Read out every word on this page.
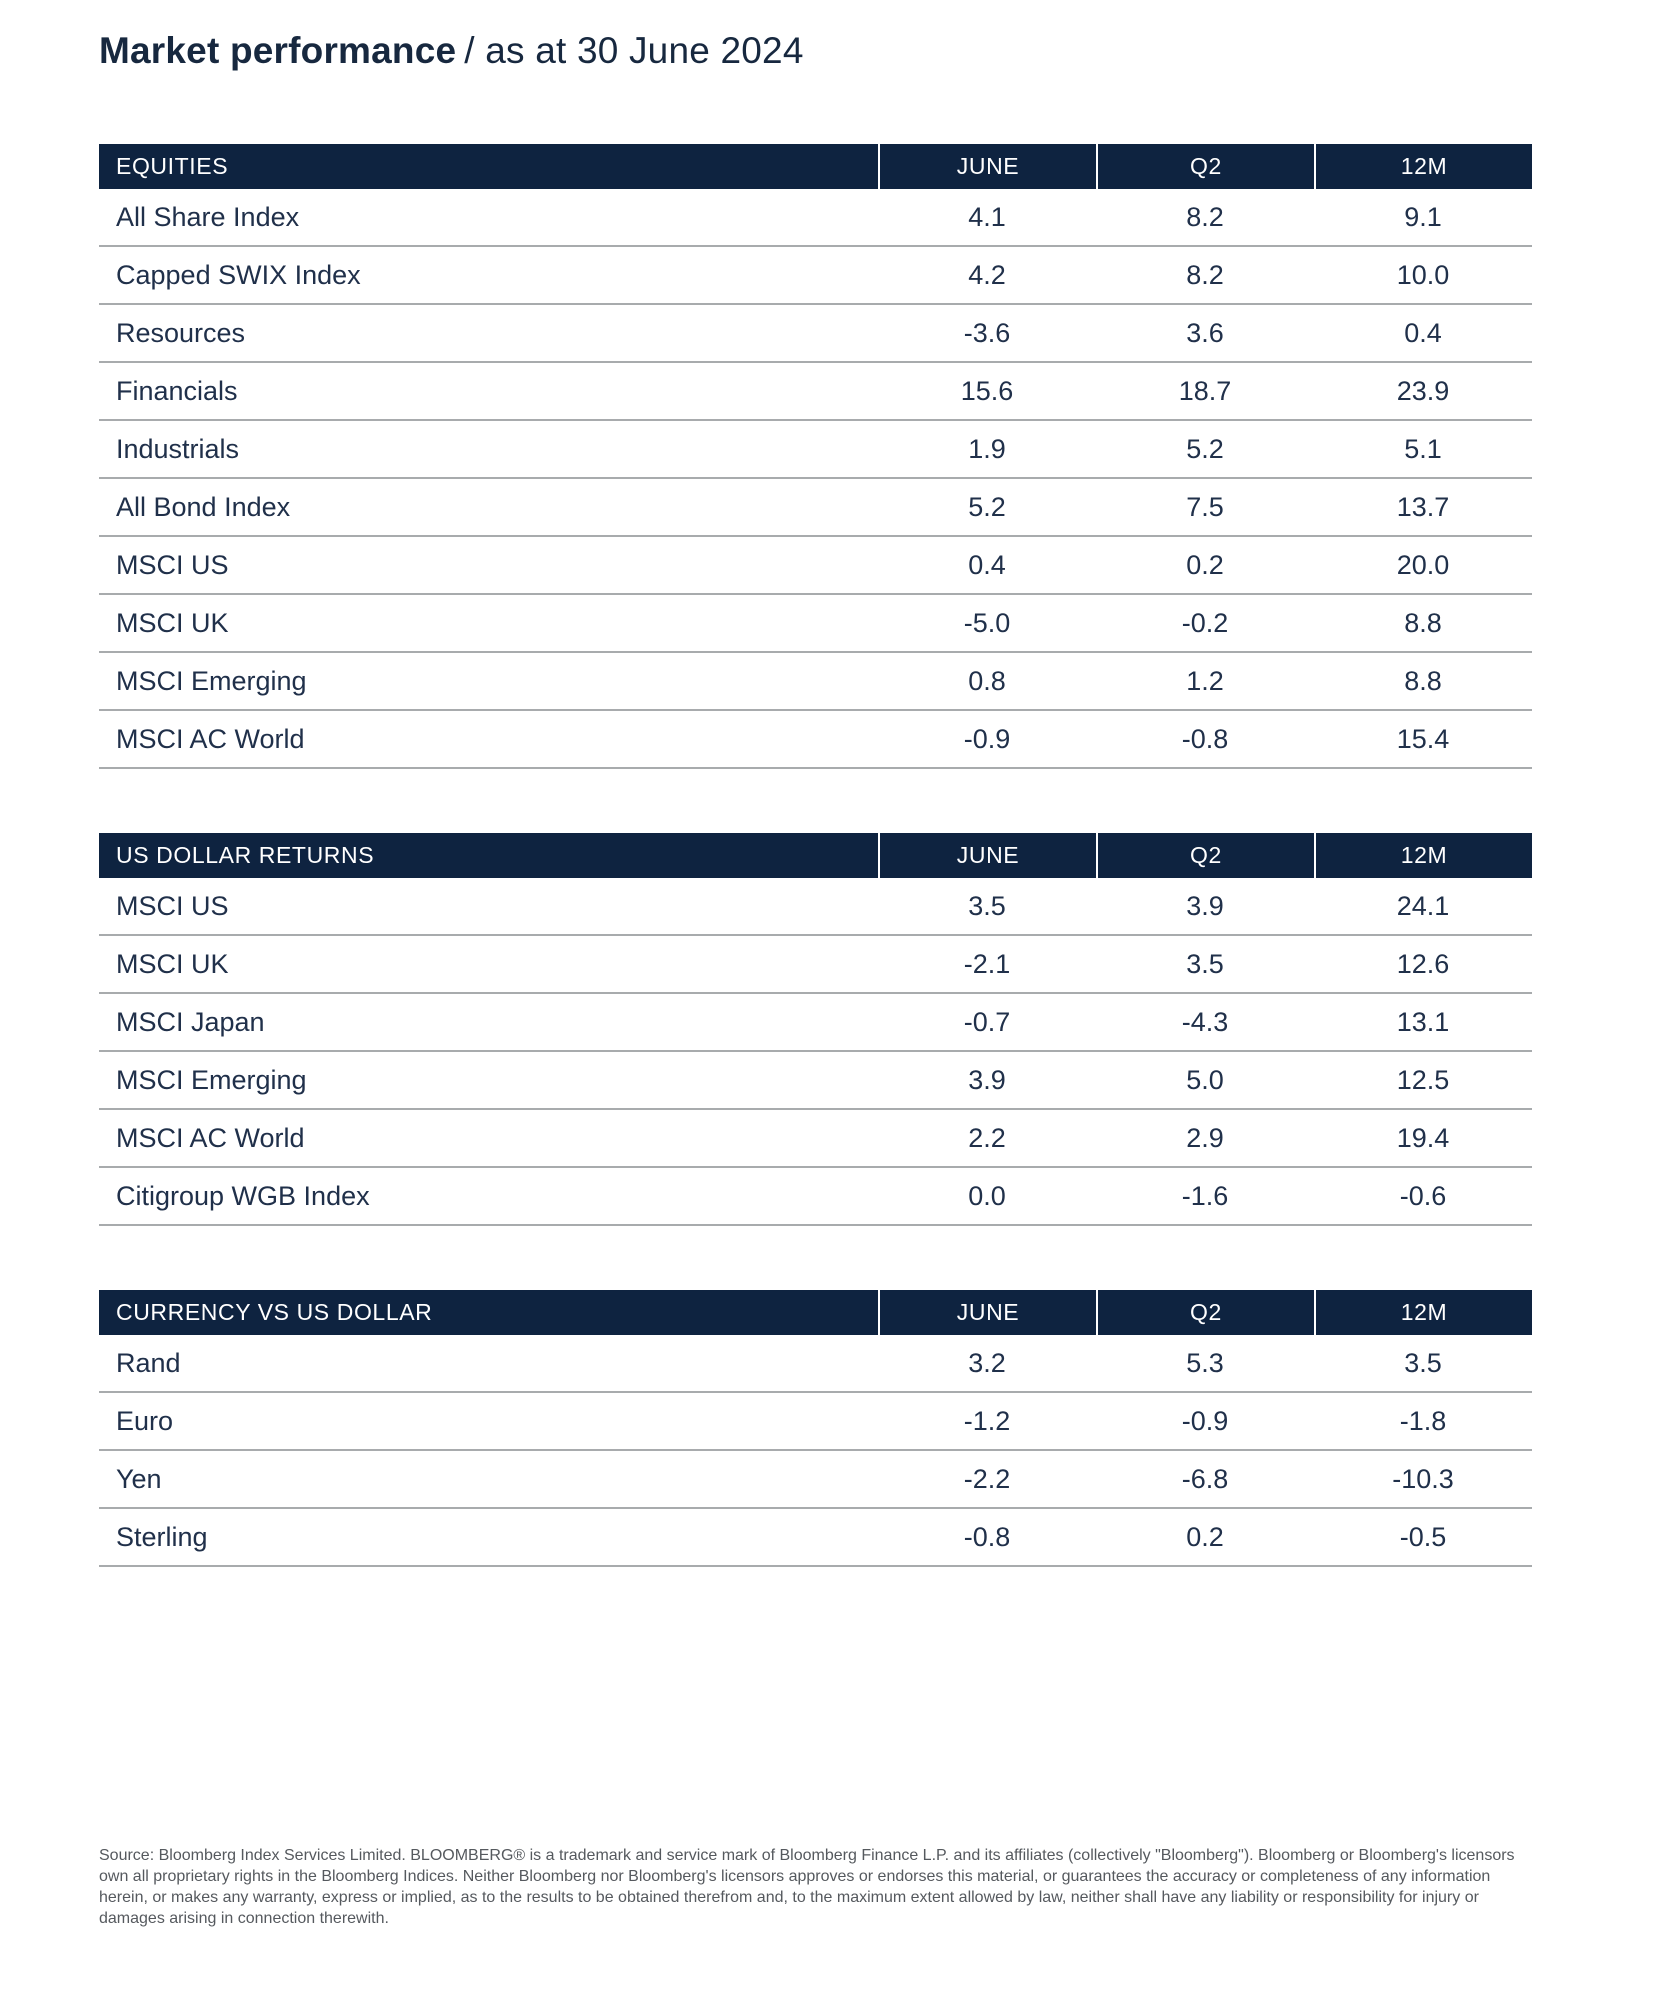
Market performance / as at 30 June 2024
EQUITIES	JUNE	Q2	12M
All Share Index	4.1	8.2	9.1
Capped SWIX Index	4.2	8.2	10.0
Resources	-3.6	3.6	0.4
Financials	15.6	18.7	23.9
Industrials	1.9	5.2	5.1
All Bond Index	5.2	7.5	13.7
MSCI US	0.4	0.2	20.0
MSCI UK	-5.0	-0.2	8.8
MSCI Emerging	0.8	1.2	8.8
MSCI AC World	-0.9	-0.8	15.4
US DOLLAR RETURNS	JUNE	Q2	12M
MSCI US	3.5	3.9	24.1
MSCI UK	-2.1	3.5	12.6
MSCI Japan	-0.7	-4.3	13.1
MSCI Emerging	3.9	5.0	12.5
MSCI AC World	2.2	2.9	19.4
Citigroup WGB Index	0.0	-1.6	-0.6
CURRENCY VS US DOLLAR	JUNE	Q2	12M
Rand	3.2	5.3	3.5
Euro	-1.2	-0.9	-1.8
Yen	-2.2	-6.8	-10.3
Sterling	-0.8	0.2	-0.5
Source: Bloomberg Index Services Limited. BLOOMBERG® is a trademark and service mark of Bloomberg Finance L.P. and its affiliates (collectively "Bloomberg"). Bloomberg or Bloomberg's licensors own all proprietary rights in the Bloomberg Indices. Neither Bloomberg nor Bloomberg's licensors approves or endorses this material, or guarantees the accuracy or completeness of any information herein, or makes any warranty, express or implied, as to the results to be obtained therefrom and, to the maximum extent allowed by law, neither shall have any liability or responsibility for injury or damages arising in connection therewith.
